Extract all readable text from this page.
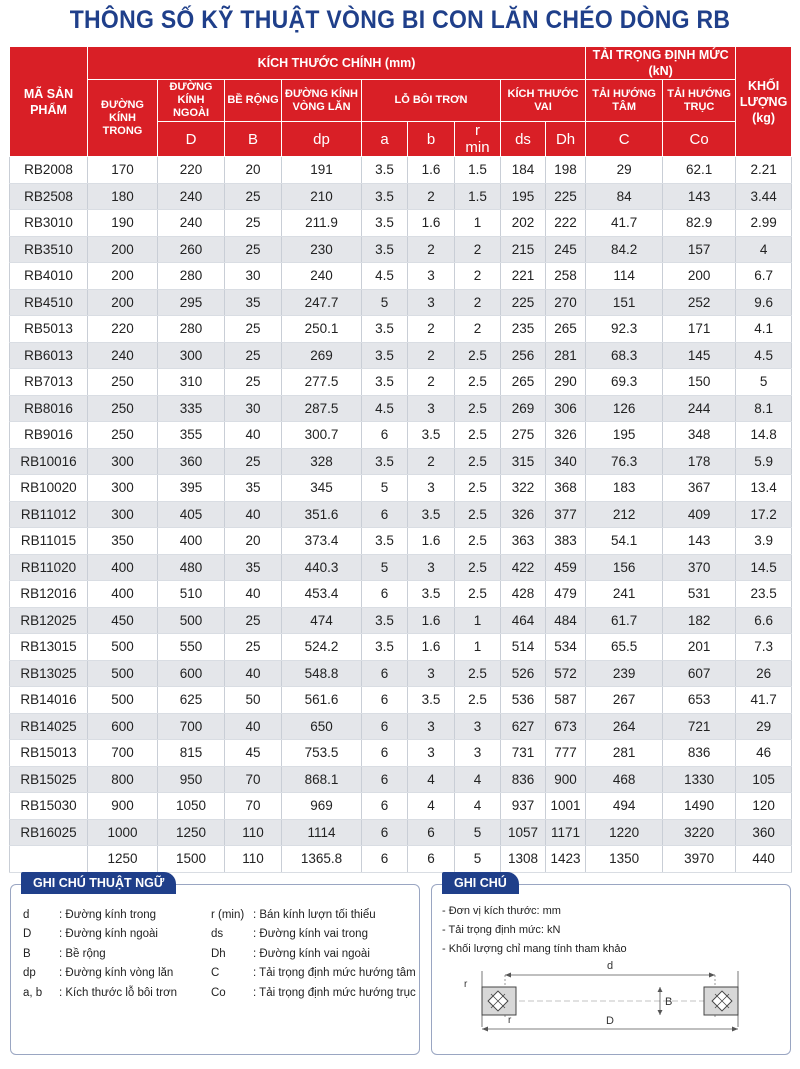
THÔNG SỐ KỸ THUẬT VÒNG BI CON LĂN CHÉO DÒNG RB
MÃ SẢN PHẨM	KÍCH THƯỚC CHÍNH (mm)									TẢI TRỌNG ĐỊNH MỨC (kN)		KHỐI LƯỢNG (kg)
	ĐƯỜNG KÍNH TRONG	ĐƯỜNG KÍNH NGOÀI	BỀ RỘNG	ĐƯỜNG KÍNH VÒNG LĂN	LỖ BÔI TRƠN			KÍCH THƯỚC VAI		TẢI HƯỚNG TÂM	TẢI HƯỚNG TRỤC	
		D	B	dp	a	b	r min	ds	Dh	C	Co	
RB2008	170	220	20	191	3.5	1.6	1.5	184	198	29	62.1	2.21
RB2508	180	240	25	210	3.5	2	1.5	195	225	84	143	3.44
RB3010	190	240	25	211.9	3.5	1.6	1	202	222	41.7	82.9	2.99
RB3510	200	260	25	230	3.5	2	2	215	245	84.2	157	4
RB4010	200	280	30	240	4.5	3	2	221	258	114	200	6.7
RB4510	200	295	35	247.7	5	3	2	225	270	151	252	9.6
RB5013	220	280	25	250.1	3.5	2	2	235	265	92.3	171	4.1
RB6013	240	300	25	269	3.5	2	2.5	256	281	68.3	145	4.5
RB7013	250	310	25	277.5	3.5	2	2.5	265	290	69.3	150	5
RB8016	250	335	30	287.5	4.5	3	2.5	269	306	126	244	8.1
RB9016	250	355	40	300.7	6	3.5	2.5	275	326	195	348	14.8
RB10016	300	360	25	328	3.5	2	2.5	315	340	76.3	178	5.9
RB10020	300	395	35	345	5	3	2.5	322	368	183	367	13.4
RB11012	300	405	40	351.6	6	3.5	2.5	326	377	212	409	17.2
RB11015	350	400	20	373.4	3.5	1.6	2.5	363	383	54.1	143	3.9
RB11020	400	480	35	440.3	5	3	2.5	422	459	156	370	14.5
RB12016	400	510	40	453.4	6	3.5	2.5	428	479	241	531	23.5
RB12025	450	500	25	474	3.5	1.6	1	464	484	61.7	182	6.6
RB13015	500	550	25	524.2	3.5	1.6	1	514	534	65.5	201	7.3
RB13025	500	600	40	548.8	6	3	2.5	526	572	239	607	26
RB14016	500	625	50	561.6	6	3.5	2.5	536	587	267	653	41.7
RB14025	600	700	40	650	6	3	3	627	673	264	721	29
RB15013	700	815	45	753.5	6	3	3	731	777	281	836	46
RB15025	800	950	70	868.1	6	4	4	836	900	468	1330	105
RB15030	900	1050	70	969	6	4	4	937	1001	494	1490	120
RB16025	1000	1250	110	1114	6	6	5	1057	1171	1220	3220	360
	1250	1500	110	1365.8	6	6	5	1308	1423	1350	3970	440
GHI CHÚ THUẬT NGỮ
d	: Đường kính trong	r (min) : Bán kính lượn tối thiểu
D	: Đường kính ngoài	ds	: Đường kính vai trong
B	: Bề rộng	Dh	: Đường kính vai ngoài
dp	: Đường kính vòng lăn	C	: Tải trọng định mức hướng tâm
a, b	: Kích thước lỗ bôi trơn	Co	: Tải trọng định mức hướng trục
GHI CHÚ
- Đơn vị kích thước: mm
- Tải trọng định mức: kN
- Khối lượng chỉ mang tính tham khảo
d
D
B
r
r
